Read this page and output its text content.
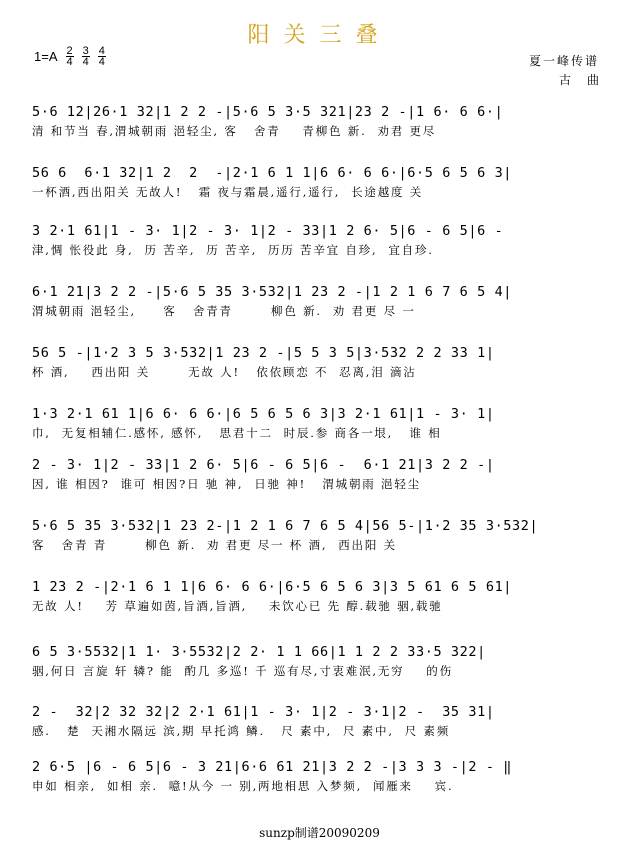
阳关三叠
1=A 2
4
3
4
4
4	夏一峰传谱
古曲
5·6 12|26·1 32|1 2 2 -|5·6 5 3·5 321|23 2 -|1 6· 6 6·|
清 和节当 春,渭城朝雨 浥轻尘, 客   舍青    青柳色 新.  劝君 更尽
56 6  6·1 32|1 2  2  -|2·1 6 1 1|6 6· 6 6·|6·5 6 5 6 3|
一杯酒,西出阳关 无故人!   霜 夜与霜晨,遥行,遥行,  长途越度 关
3 2·1 61|1 - 3· 1|2 - 3· 1|2 - 33|1 2 6· 5|6 - 6 5|6 -
津,惆 怅役此 身,  历 苦辛,  历 苦辛,  历历 苦辛宜 自珍,  宜自珍.
6·1 21|3 2 2 -|5·6 5 35 3·532|1 23 2 -|1 2 1 6 7 6 5 4|
渭城朝雨 浥轻尘,     客   舍青青       柳色 新.  劝 君更 尽 一
56 5 -|1·2 3 5 3·532|1 23 2 -|5 5 3 5|3·532 2 2 33 1|
杯 酒,    西出阳 关       无故 人!   依依顾恋 不  忍离,泪 滴沾
1·3 2·1 61 1|6 6· 6 6·|6 5 6 5 6 3|3 2·1 61|1 - 3· 1|
巾,  无复相辅仁.感怀, 感怀,   思君十二  时辰.参 商各一垠,   谁 相
2 - 3· 1|2 - 33|1 2 6· 5|6 - 6 5|6 -  6·1 21|3 2 2 -|
因, 谁 相因?  谁可 相因?日 驰 神,  日驰 神!   渭城朝雨 浥轻尘
5·6 5 35 3·532|1 23 2-|1 2 1 6 7 6 5 4|56 5-|1·2 35 3·532|
客   舍青 青       柳色 新.  劝 君更 尽一 杯 酒,  西出阳 关
1 23 2 -|2·1 6 1 1|6 6· 6 6·|6·5 6 5 6 3|3 5 61 6 5 61|
无故 人!    芳 草遍如茵,旨酒,旨酒,    未饮心已 先 醇.载驰 骃,载驰
6 5 3·5532|1 1· 3·5532|2 2· 1 1 66|1 1 2 2 33·5 322|
骃,何日 言旋 轩 辚? 能  酌几 多巡! 千 巡有尽,寸衷难泯,无穷    的伤
2 -  32|2 32 32|2 2·1 61|1 - 3· 1|2 - 3·1|2 -  35 31|
感.   楚  天湘水隔远 滨,期 早托鸿 鳞.   尺 素中,  尺 素中,  尺 素频
2 6·5 |6 - 6 5|6 - 3 21|6·6 61 21|3 2 2 -|3 3 3 -|2 - ‖
申如 相亲,  如相 亲.  噫!从今 一 别,两地相思 入梦频,  闻雁来    宾.
sunzp制谱20090209
